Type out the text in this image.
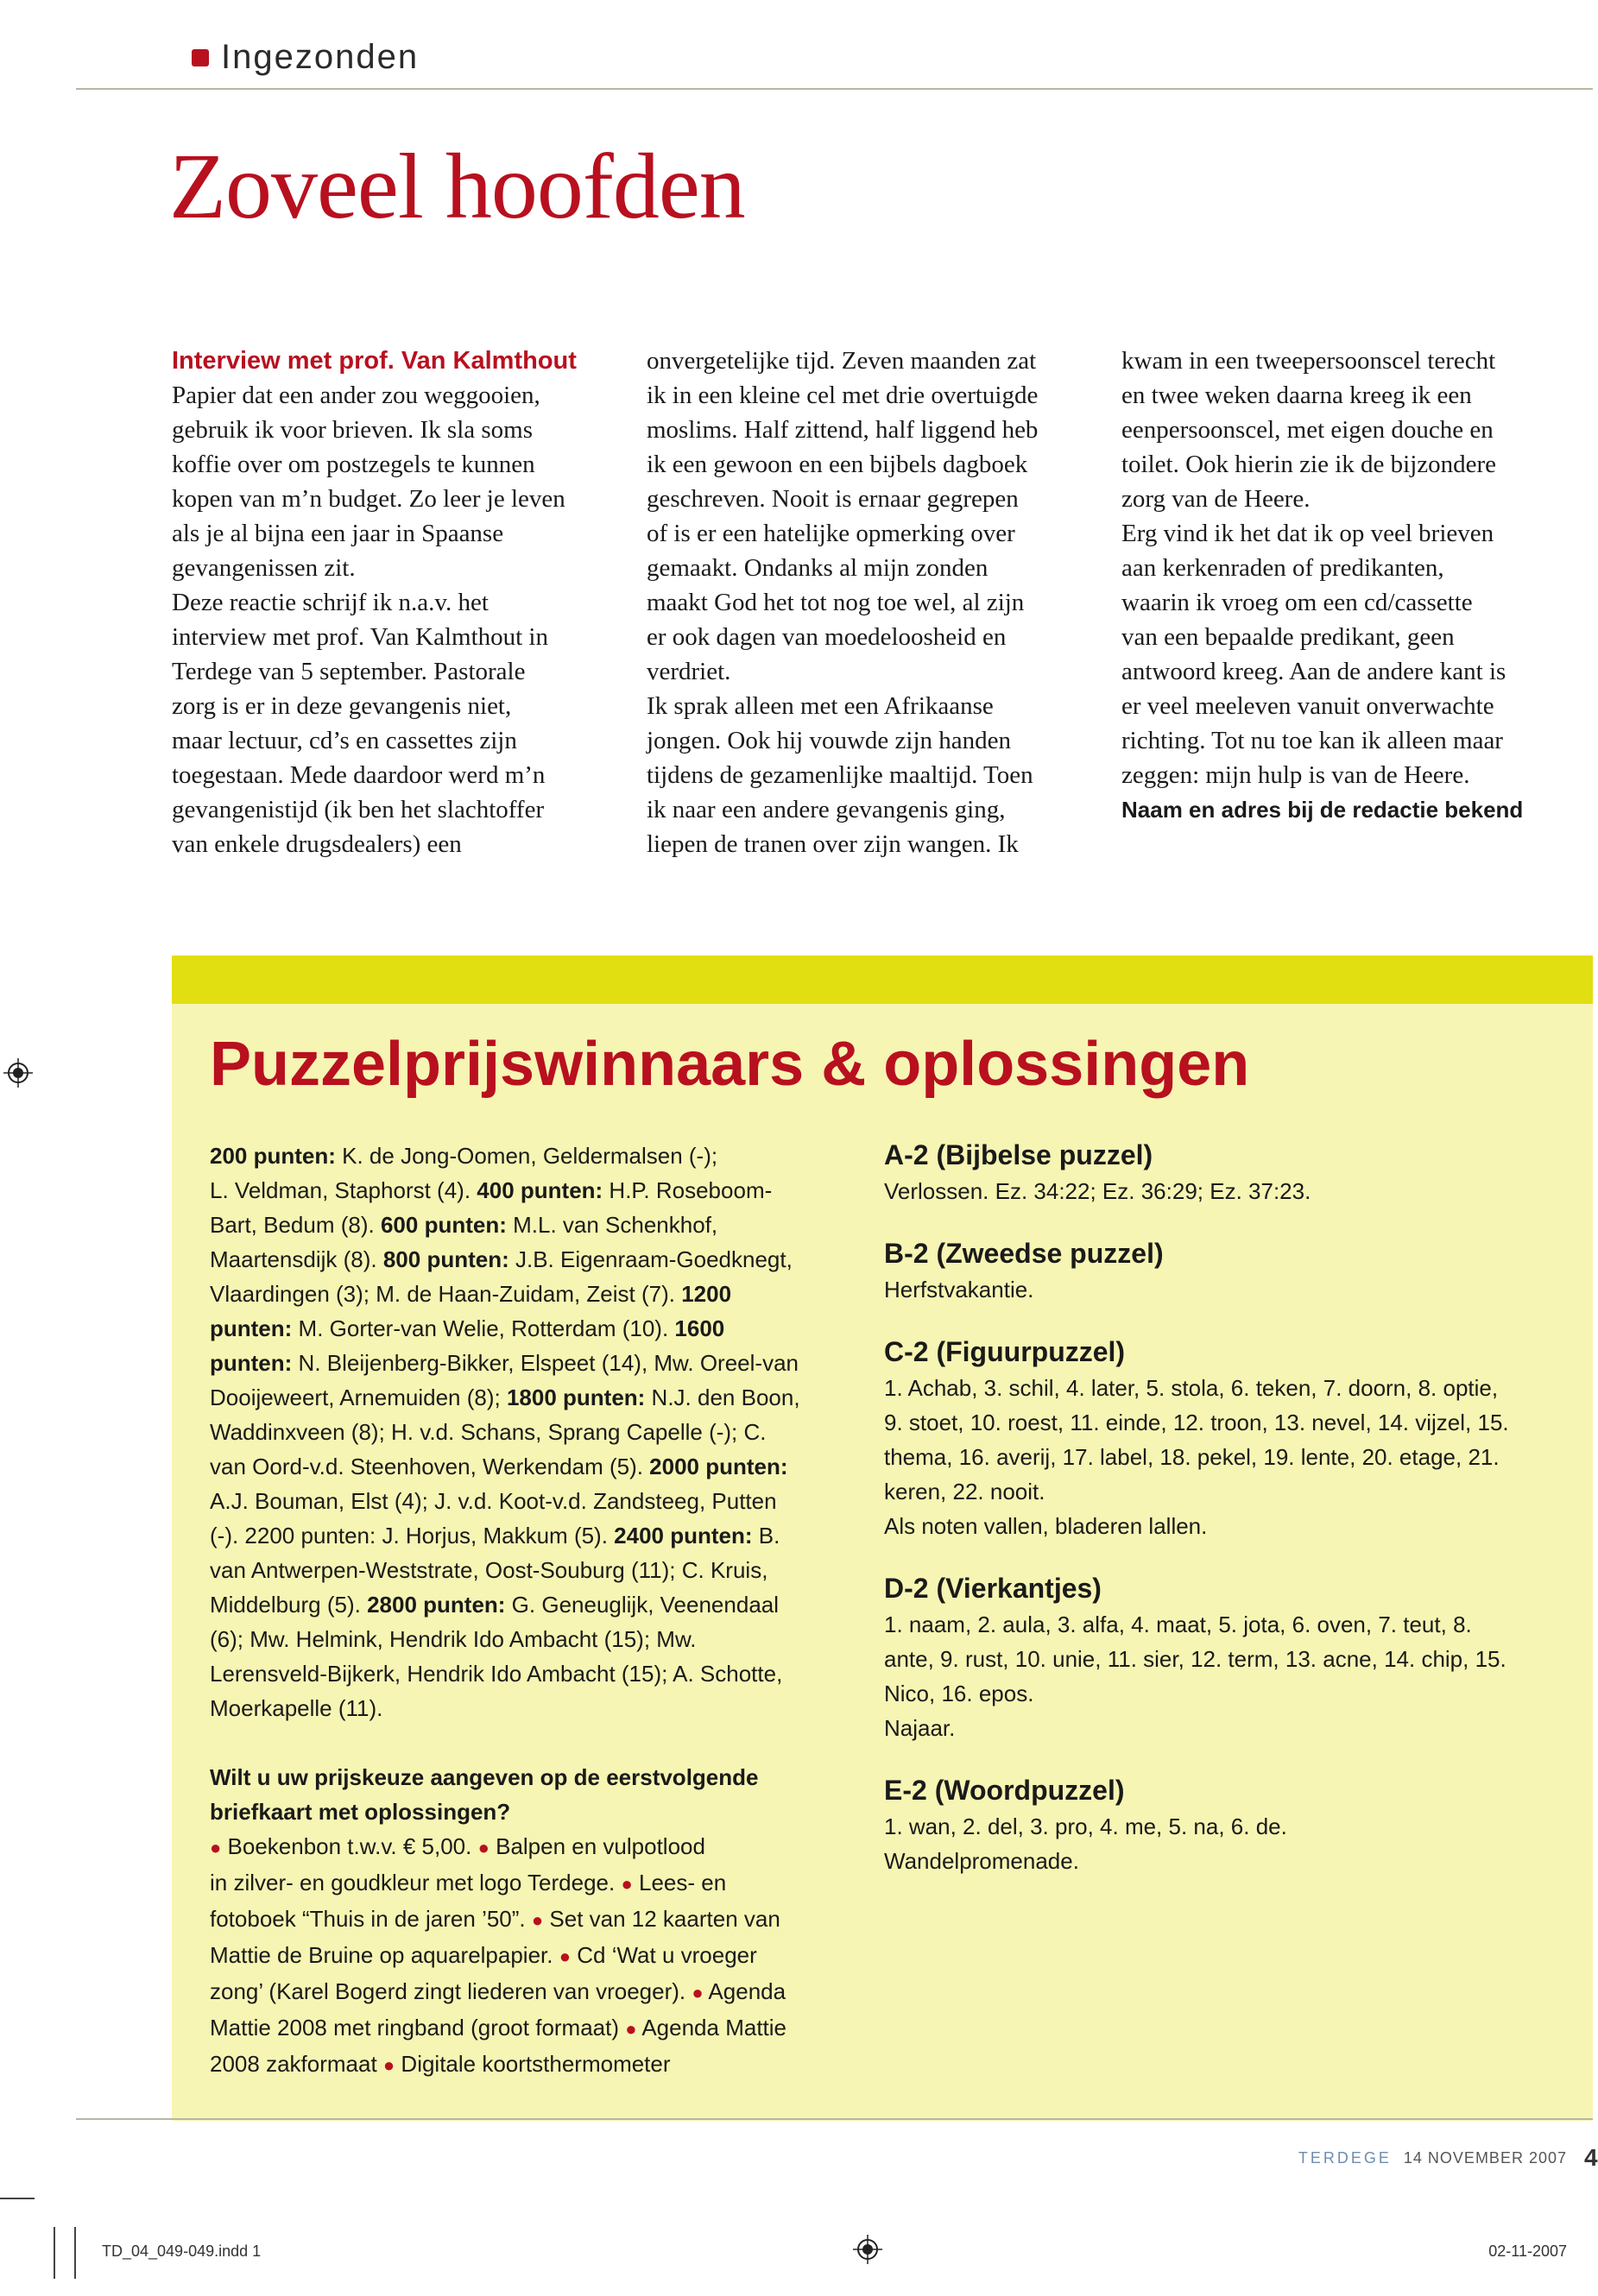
Ingezonden
Zoveel hoofden

Interview met prof. Van Kalmthout

Papier dat een ander zou weggooien,

gebruik ik voor brieven. Ik sla soms

koffie over om postzegels te kunnen

kopen van m’n budget. Zo leer je leven

als je al bijna een jaar in Spaanse

gevangenissen zit.

Deze reactie schrijf ik n.a.v. het

interview met prof. Van Kalmthout in

Terdege van 5 september. Pastorale

zorg is er in deze gevangenis niet,

maar lectuur, cd’s en cassettes zijn

toegestaan. Mede daardoor werd m’n

gevangenistijd (ik ben het slachtoffer

van enkele drugsdealers) een

onvergetelijke tijd. Zeven maanden zat

ik in een kleine cel met drie overtuigde

moslims. Half zittend, half liggend heb

ik een gewoon en een bijbels dagboek

geschreven. Nooit is ernaar gegrepen

of is er een hatelijke opmerking over

gemaakt. Ondanks al mijn zonden

maakt God het tot nog toe wel, al zijn

er ook dagen van moedeloosheid en

verdriet.

Ik sprak alleen met een Afrikaanse

jongen. Ook hij vouwde zijn handen

tijdens de gezamenlijke maaltijd. Toen

ik naar een andere gevangenis ging,

liepen de tranen over zijn wangen. Ik

kwam in een tweepersoonscel terecht

en twee weken daarna kreeg ik een

eenpersoonscel, met eigen douche en

toilet. Ook hierin zie ik de bijzondere

zorg van de Heere.

Erg vind ik het dat ik op veel brieven

aan kerkenraden of predikanten,

waarin ik vroeg om een cd/cassette

van een bepaalde predikant, geen

antwoord kreeg. Aan de andere kant is

er veel meeleven vanuit onverwachte

richting. Tot nu toe kan ik alleen maar

zeggen: mijn hulp is van de Heere.

Naam en adres bij de redactie bekend

Puzzelprijswinnaars & oplossingen

200 punten: K. de Jong-Oomen, Geldermalsen (-);

L. Veldman, Staphorst (4). 400 punten: H.P. Roseboom-

Bart, Bedum (8). 600 punten: M.L. van Schenkhof,

Maartensdijk (8). 800 punten: J.B. Eigenraam-Goedknegt,

Vlaardingen (3); M. de Haan-Zuidam, Zeist (7). 1200

punten: M. Gorter-van Welie, Rotterdam (10). 1600

punten: N. Bleijenberg-Bikker, Elspeet (14), Mw. Oreel-van

Dooijeweert, Arnemuiden (8); 1800 punten: N.J. den Boon,

Waddinxveen (8); H. v.d. Schans, Sprang Capelle (-); C.

van Oord-v.d. Steenhoven, Werkendam (5). 2000 punten:

A.J. Bouman, Elst (4); J. v.d. Koot-v.d. Zandsteeg, Putten

(-). 2200 punten: J. Horjus, Makkum (5). 2400 punten: B.

van Antwerpen-Weststrate, Oost-Souburg (11); C. Kruis,

Middelburg (5). 2800 punten: G. Geneuglijk, Veenendaal

(6); Mw. Helmink, Hendrik Ido Ambacht (15); Mw.

Lerensveld-Bijkerk, Hendrik Ido Ambacht (15); A. Schotte,

Moerkapelle (11).

Wilt u uw prijskeuze aangeven op de eerstvolgende

briefkaart met oplossingen?

● Boekenbon t.w.v. € 5,00. ● Balpen en vulpotlood

in zilver- en goudkleur met logo Terdege. ● Lees- en

fotoboek “Thuis in de jaren ’50”. ● Set van 12 kaarten van

Mattie de Bruine op aquarelpapier. ● Cd ‘Wat u vroeger

zong’ (Karel Bogerd zingt liederen van vroeger). ● Agenda

Mattie 2008 met ringband (groot formaat) ● Agenda Mattie

2008 zakformaat ● Digitale koortsthermometer

A-2 (Bijbelse puzzel)

Verlossen. Ez. 34:22; Ez. 36:29; Ez. 37:23.

B-2 (Zweedse puzzel)

Herfstvakantie.

C-2 (Figuurpuzzel)

1. Achab, 3. schil, 4. later, 5. stola, 6. teken, 7. doorn, 8. optie,

9. stoet, 10. roest, 11. einde, 12. troon, 13. nevel, 14. vijzel, 15.

thema, 16. averij, 17. label, 18. pekel, 19. lente, 20. etage, 21.

keren, 22. nooit.

Als noten vallen, bladeren lallen.

D-2 (Vierkantjes)

1. naam, 2. aula, 3. alfa, 4. maat, 5. jota, 6. oven, 7. teut, 8.

ante, 9. rust, 10. unie, 11. sier, 12. term, 13. acne, 14. chip, 15.

Nico, 16. epos.

Najaar.

E-2 (Woordpuzzel)

1. wan, 2. del, 3. pro, 4. me, 5. na, 6. de.

Wandelpromenade.

TERDEGE 14 NOVEMBER 2007 4
TD_04_049-049.indd 1	02-11-2007
